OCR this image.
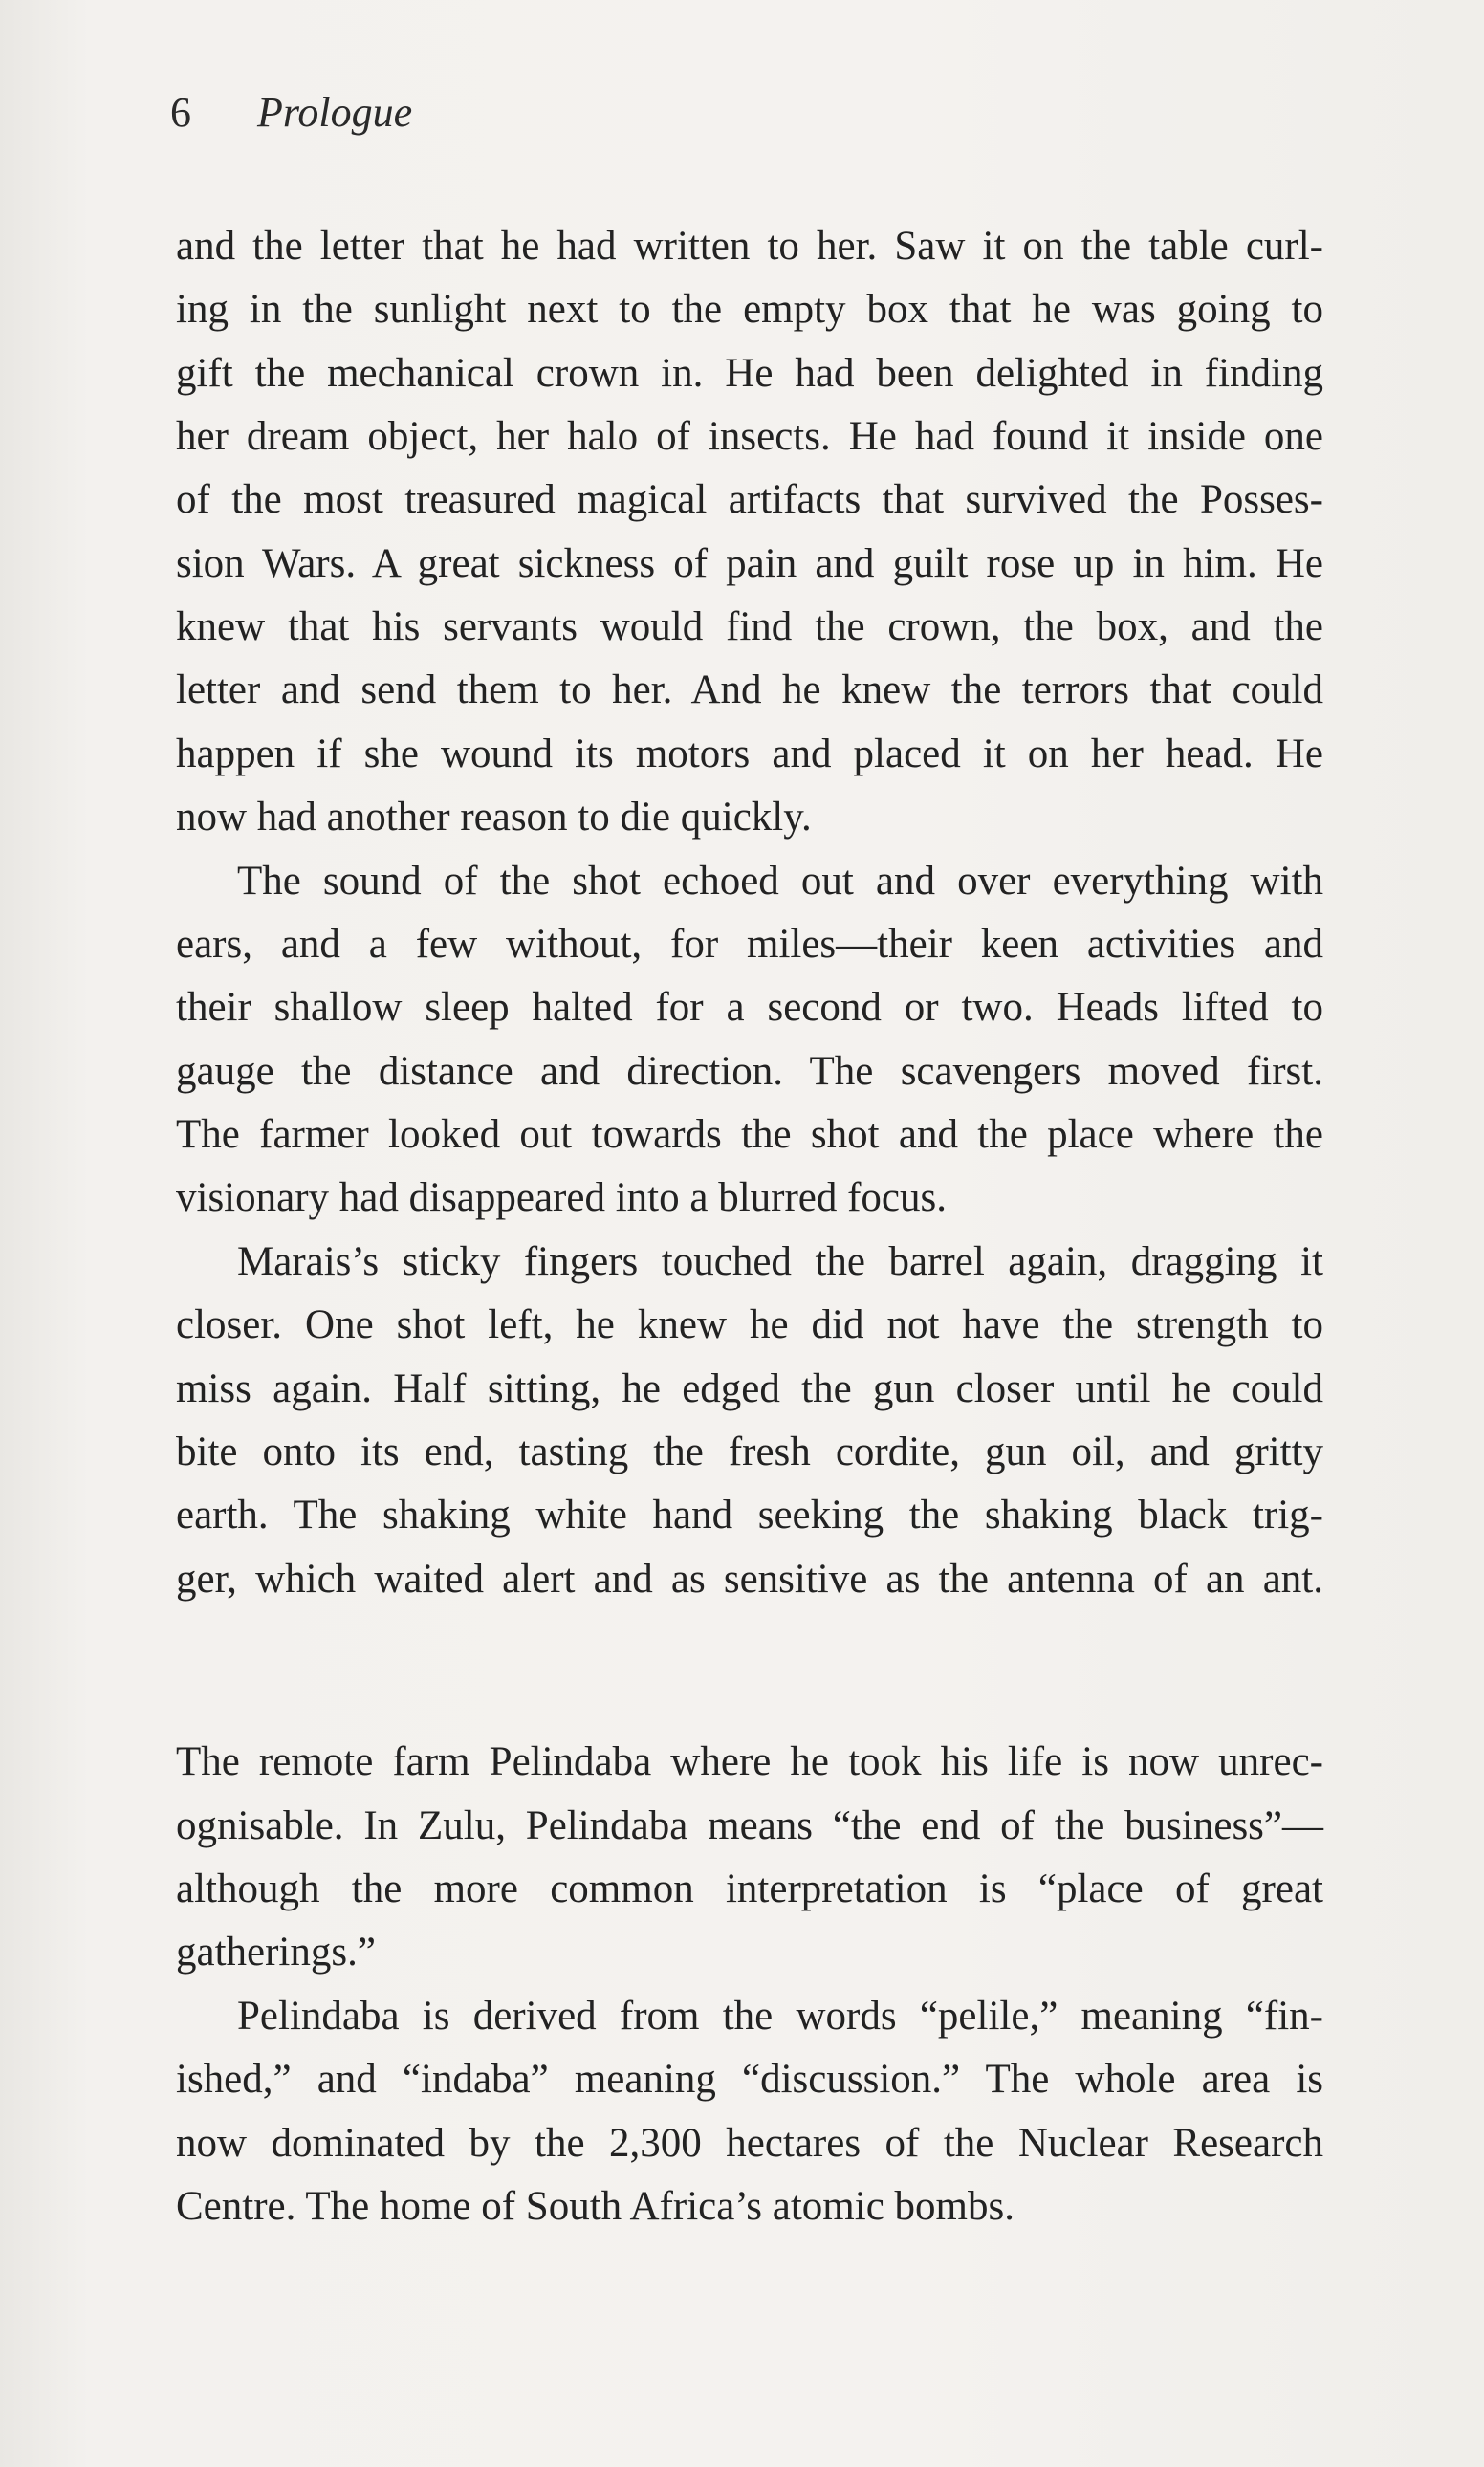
6 Prologue
and the letter that he had written to her. Saw it on the table curl-
ing in the sunlight next to the empty box that he was going to
gift the mechanical crown in. He had been delighted in finding
her dream object, her halo of insects. He had found it inside one
of the most treasured magical artifacts that survived the Posses-
sion Wars. A great sickness of pain and guilt rose up in him. He
knew that his servants would find the crown, the box, and the
letter and send them to her. And he knew the terrors that could
happen if she wound its motors and placed it on her head. He
now had another reason to die quickly.
The sound of the shot echoed out and over everything with
ears, and a few without, for miles—their keen activities and
their shallow sleep halted for a second or two. Heads lifted to
gauge the distance and direction. The scavengers moved first.
The farmer looked out towards the shot and the place where the
visionary had disappeared into a blurred focus.
Marais’s sticky fingers touched the barrel again, dragging it
closer. One shot left, he knew he did not have the strength to
miss again. Half sitting, he edged the gun closer until he could
bite onto its end, tasting the fresh cordite, gun oil, and gritty
earth. The shaking white hand seeking the shaking black trig-
ger, which waited alert and as sensitive as the antenna of an ant.
The remote farm Pelindaba where he took his life is now unrec-
ognisable. In Zulu, Pelindaba means “the end of the business”—
although the more common interpretation is “place of great
gatherings.”
Pelindaba is derived from the words “pelile,” meaning “fin-
ished,” and “indaba” meaning “discussion.” The whole area is
now dominated by the 2,300 hectares of the Nuclear Research
Centre. The home of South Africa’s atomic bombs.
